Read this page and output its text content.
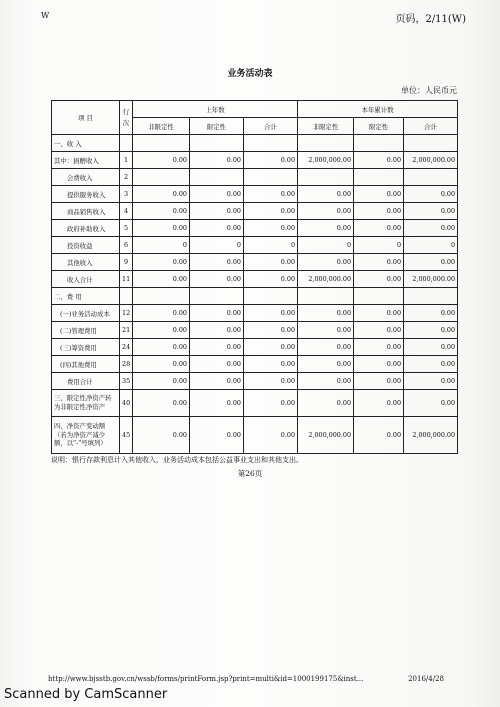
W	页码，2/11(W)
业务活动表
单位：人民币元
项 目	行次	上年数			本年累计数		
		非限定性	限定性	合计	非限定性	限定性	合计
一、收 入							
其中：捐赠收入	1	0.00	0.00	0.00	2,000,000.00	0.00	2,000,000.00
会费收入	2						
提供服务收入	3	0.00	0.00	0.00	0.00	0.00	0.00
商品销售收入	4	0.00	0.00	0.00	0.00	0.00	0.00
政府补助收入	5	0.00	0.00	0.00	0.00	0.00	0.00
投资收益	6	0	0	0	0	0	0
其他收入	9	0.00	0.00	0.00	0.00	0.00	0.00
收入合计	11	0.00	0.00	0.00	2,000,000.00	0.00	2,000,000.00
二、费 用							
(一)业务活动成本	12	0.00	0.00	0.00	0.00	0.00	0.00
(二)管理费用	21	0.00	0.00	0.00	0.00	0.00	0.00
(三)筹资费用	24	0.00	0.00	0.00	0.00	0.00	0.00
(四)其他费用	28	0.00	0.00	0.00	0.00	0.00	0.00
费用合计	35	0.00	0.00	0.00	0.00	0.00	0.00
三、限定性净资产转为非限定性净资产	40	0.00	0.00	0.00	0.00	0.00	0.00
四、净资产变动额（若为净资产减少额，以"-"号填列）	45	0.00	0.00	0.00	2,000,000.00	0.00	2,000,000.00
说明：银行存款利息计入其他收入，业务活动成本包括公益事业支出和其他支出。
第26页
http://www.bjsstb.gov.cn/wssb/forms/printForm.jsp?print=multi&id=1000199175&inst...	2016/4/28
Scanned by CamScanner
